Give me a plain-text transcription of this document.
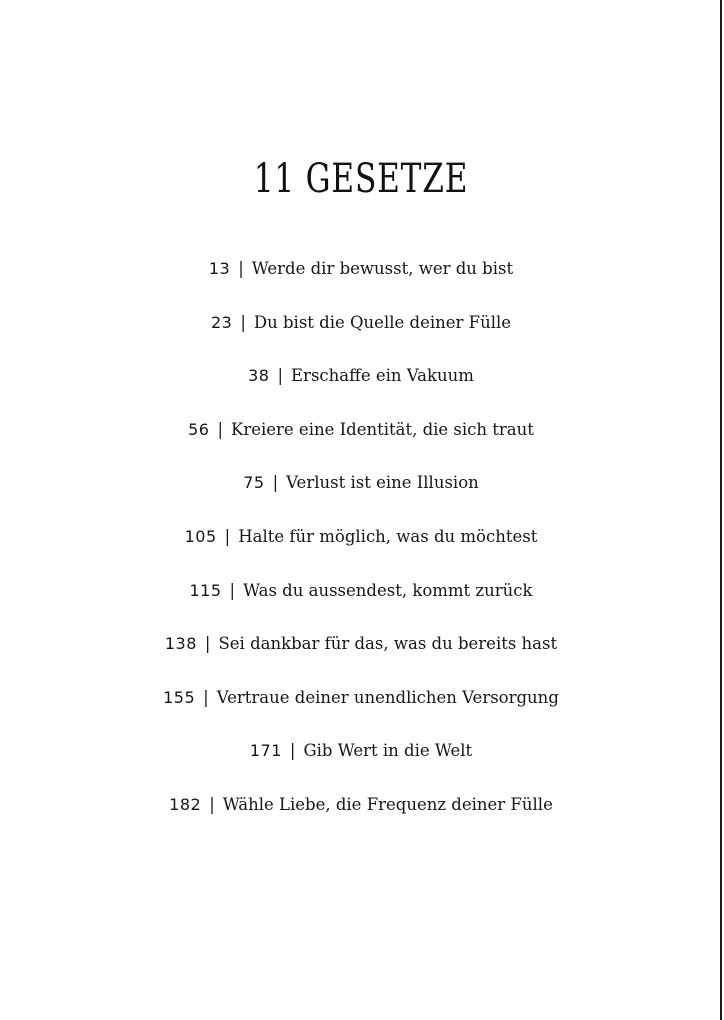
11 GESETZE
13 | Werde dir bewusst, wer du bist
23 | Du bist die Quelle deiner Fülle
38 | Erschaffe ein Vakuum
56 | Kreiere eine Identität, die sich traut
75 | Verlust ist eine Illusion
105 | Halte für möglich, was du möchtest
115 | Was du aussendest, kommt zurück
138 | Sei dankbar für das, was du bereits hast
155 | Vertraue deiner unendlichen Versorgung
171 | Gib Wert in die Welt
182 | Wähle Liebe, die Frequenz deiner Fülle
